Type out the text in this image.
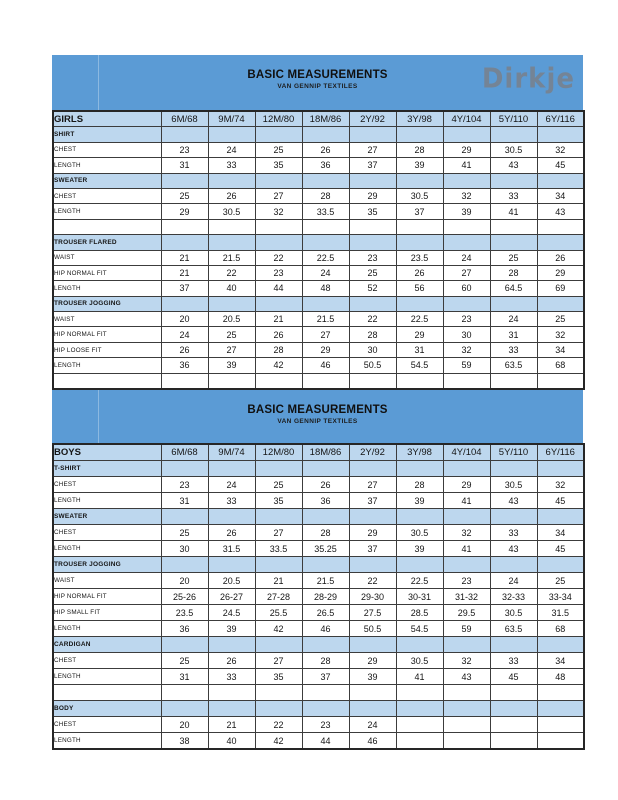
BASIC MEASUREMENTS
VAN GENNIP TEXTILES	Dirkje
GIRLS	6M/68	9M/74	12M/80	18M/86	2Y/92	3Y/98	4Y/104	5Y/110	6Y/116
SHIRT									
CHEST	23	24	25	26	27	28	29	30.5	32
LENGTH	31	33	35	36	37	39	41	43	45
SWEATER									
CHEST	25	26	27	28	29	30.5	32	33	34
LENGTH	29	30.5	32	33.5	35	37	39	41	43

TROUSER FLARED									
WAIST	21	21.5	22	22.5	23	23.5	24	25	26
HIP NORMAL FIT	21	22	23	24	25	26	27	28	29
LENGTH	37	40	44	48	52	56	60	64.5	69
TROUSER JOGGING									
WAIST	20	20.5	21	21.5	22	22.5	23	24	25
HIP NORMAL FIT	24	25	26	27	28	29	30	31	32
HIP LOOSE FIT	26	27	28	29	30	31	32	33	34
LENGTH	36	39	42	46	50.5	54.5	59	63.5	68

BASIC MEASUREMENTS
VAN GENNIP TEXTILES
BOYS	6M/68	9M/74	12M/80	18M/86	2Y/92	3Y/98	4Y/104	5Y/110	6Y/116
T-SHIRT									
CHEST	23	24	25	26	27	28	29	30.5	32
LENGTH	31	33	35	36	37	39	41	43	45
SWEATER									
CHEST	25	26	27	28	29	30.5	32	33	34
LENGTH	30	31.5	33.5	35.25	37	39	41	43	45
TROUSER JOGGING									
WAIST	20	20.5	21	21.5	22	22.5	23	24	25
HIP NORMAL FIT	25-26	26-27	27-28	28-29	29-30	30-31	31-32	32-33	33-34
HIP SMALL FIT	23.5	24.5	25.5	26.5	27.5	28.5	29.5	30.5	31.5
LENGTH	36	39	42	46	50.5	54.5	59	63.5	68
CARDIGAN									
CHEST	25	26	27	28	29	30.5	32	33	34
LENGTH	31	33	35	37	39	41	43	45	48

BODY									
CHEST	20	21	22	23	24				
LENGTH	38	40	42	44	46				
